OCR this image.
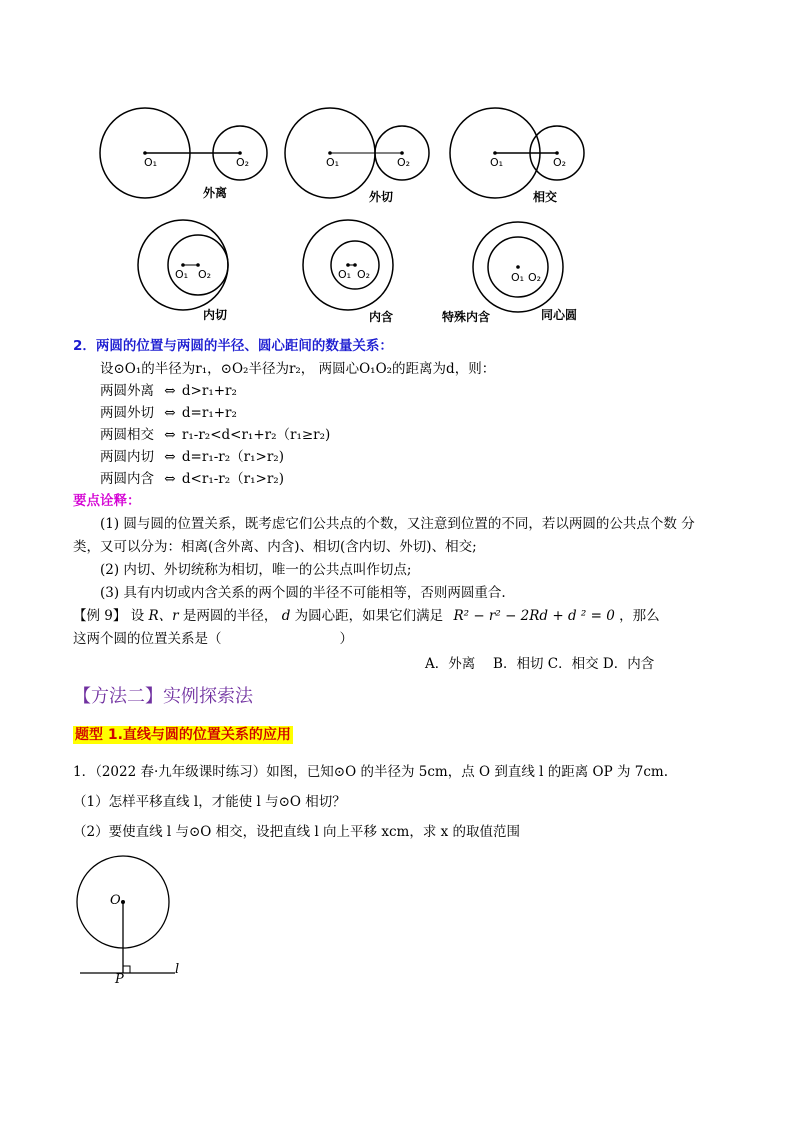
O₁	O₂	O₁	O₂	O₁	O₂
O₁ O₂	O₁ O₂	O₁ O₂
外离	外切	相交
内切	内含	特殊内含	同心圆
2．两圆的位置与两圆的半径、圆心距间的数量关系：
设⊙O₁的半径为r₁，⊙O₂半径为r₂， 两圆心O₁O₂的距离为d，则：
两圆外离 ⇔ d>r₁+r₂
两圆外切 ⇔ d=r₁+r₂
两圆相交 ⇔ r₁-r₂<d<r₁+r₂（r₁≥r₂)
两圆内切 ⇔ d=r₁-r₂（r₁>r₂)
两圆内含 ⇔ d<r₁-r₂（r₁>r₂)
要点诠释：
(1) 圆与圆的位置关系，既考虑它们公共点的个数，又注意到位置的不同，若以两圆的公共点个数 分
类，又可以分为：相离(含外离、内含)、相切(含内切、外切)、相交;
(2) 内切、外切统称为相切，唯一的公共点叫作切点;
(3) 具有内切或内含关系的两个圆的半径不可能相等，否则两圆重合.
【例 9】 设 R、r 是两圆的半径， d 为圆心距，如果它们满足 R² − r² − 2Rd + d ² = 0 ，那么
这两个圆的位置关系是（	）
A．外离　 B．相切 C．相交 D．内含
【方法二】实例探索法
题型 1.直线与圆的位置关系的应用
1．（2022 春·九年级课时练习）如图，已知⊙O 的半径为 5cm，点 O 到直线 l 的距离 OP 为 7cm.
（1）怎样平移直线 l，才能使 l 与⊙O 相切？
（2）要使直线 l 与⊙O 相交，设把直线 l 向上平移 xcm，求 x 的取值范围
O
P
l
